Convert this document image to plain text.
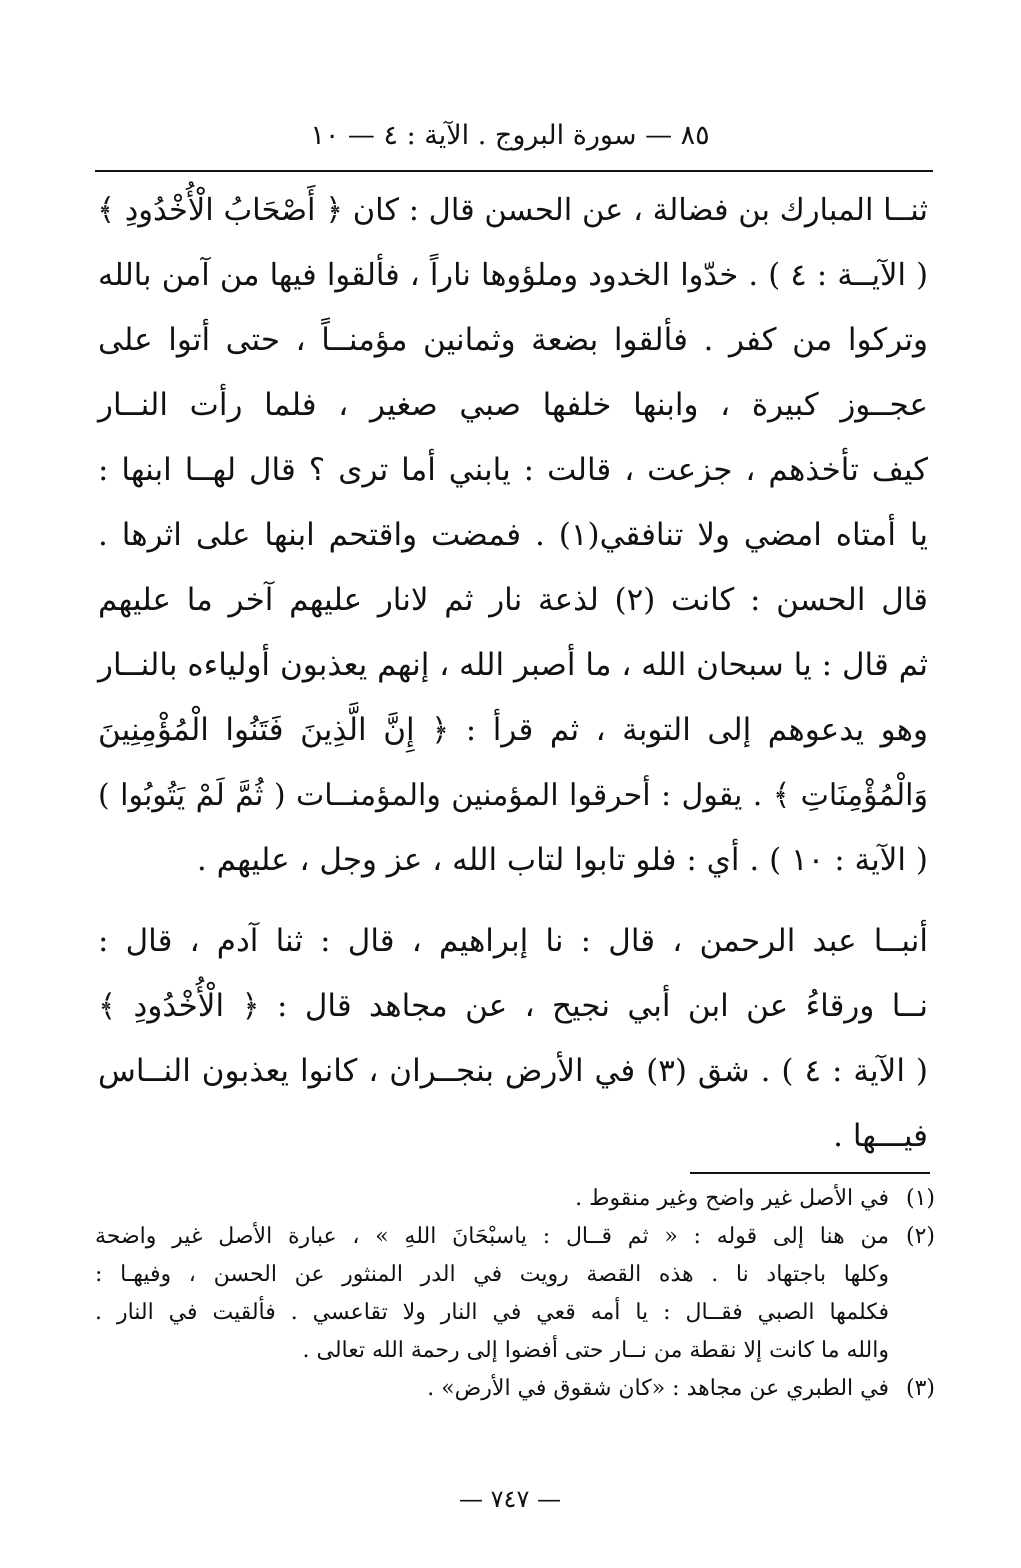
٨٥ — سورة البروج . الآية : ٤ — ١٠
ثنــا المبارك بن فضالة ، عن الحسن قال : كان ﴿ أَصْحَابُ الْأُخْدُودِ ﴾
( الآيــة : ٤ ) . خدّوا الخدود وملؤوها ناراً ، فألقوا فيها من آمن بالله
وتركوا من كفر . فألقوا بضعة وثمانين مؤمنــاً ، حتى أتوا على
عجــوز كبيرة ، وابنها خلفها صبي صغير ، فلما رأت النــار
كيف تأخذهم ، جزعت ، قالت : يابني أما ترى ؟ قال لهــا ابنها :
يا أمتاه امضي ولا تنافقي(١) . فمضت واقتحم ابنها على اثرها .
قال الحسن : كانت (٢) لذعة نار ثم لانار عليهم آخر ما عليهم
ثم قال : يا سبحان الله ، ما أصبر الله ، إنهم يعذبون أولياءه بالنــار
وهو يدعوهم إلى التوبة ، ثم قرأ : ﴿ إِنَّ الَّذِينَ فَتَنُوا الْمُؤْمِنِينَ
وَالْمُؤْمِنَاتِ ﴾ . يقول : أحرقوا المؤمنين والمؤمنــات ( ثُمَّ لَمْ يَتُوبُوا )
( الآية : ١٠ ) . أي : فلو تابوا لتاب الله ، عز وجل ، عليهم .
أنبــا عبد الرحمن ، قال : نا إبراهيم ، قال : ثنا آدم ، قال :
نــا ورقاءُ عن ابن أبي نجيح ، عن مجاهد قال : ﴿ الْأُخْدُودِ ﴾
( الآية : ٤ ) . شق (٣) في الأرض بنجــران ، كانوا يعذبون النــاس
فيـــها .
(١)
في الأصل غير واضح وغير منقوط .
(٢)
من هنا إلى قوله : « ثم قــال : ياسبْحَانَ اللهِ » ، عبارة الأصل غير واضحة
وكلها باجتهاد نا . هذه القصة رويت في الدر المنثور عن الحسن ، وفيهـا :
فكلمها الصبي فقــال : يا أمه قعي في النار ولا تقاعسي . فألقيت في النار .
والله ما كانت إلا نقطة من نــار حتى أفضوا إلى رحمة الله تعالى .
(٣)
في الطبري عن مجاهد : «كان شقوق في الأرض» .
— ٧٤٧ —
